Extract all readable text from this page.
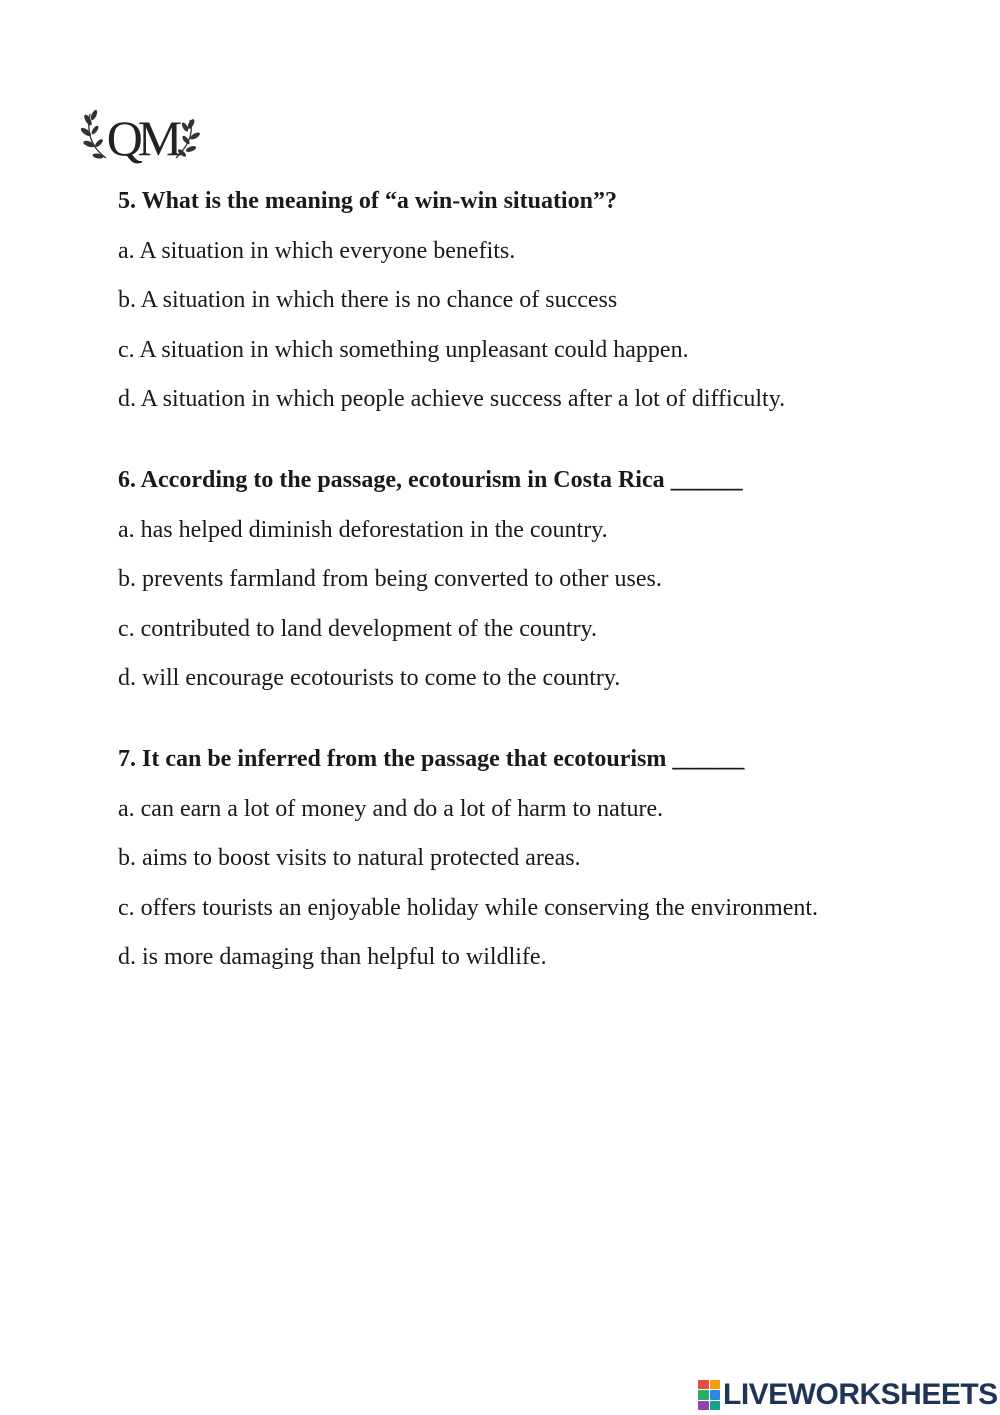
QM

5. What is the meaning of “a win-win situation”?

a. A situation in which everyone benefits.

b. A situation in which there is no chance of success

c. A situation in which something unpleasant could happen.

d. A situation in which people achieve success after a lot of difficulty.

6. According to the passage, ecotourism in Costa Rica ______

a. has helped diminish deforestation in the country.

b. prevents farmland from being converted to other uses.

c. contributed to land development of the country.

d. will encourage ecotourists to come to the country.

7. It can be inferred from the passage that ecotourism ______

a. can earn a lot of money and do a lot of harm to nature.

b. aims to boost visits to natural protected areas.

c. offers tourists an enjoyable holiday while conserving the environment.

d. is more damaging than helpful to wildlife.

LIVEWORKSHEETS
